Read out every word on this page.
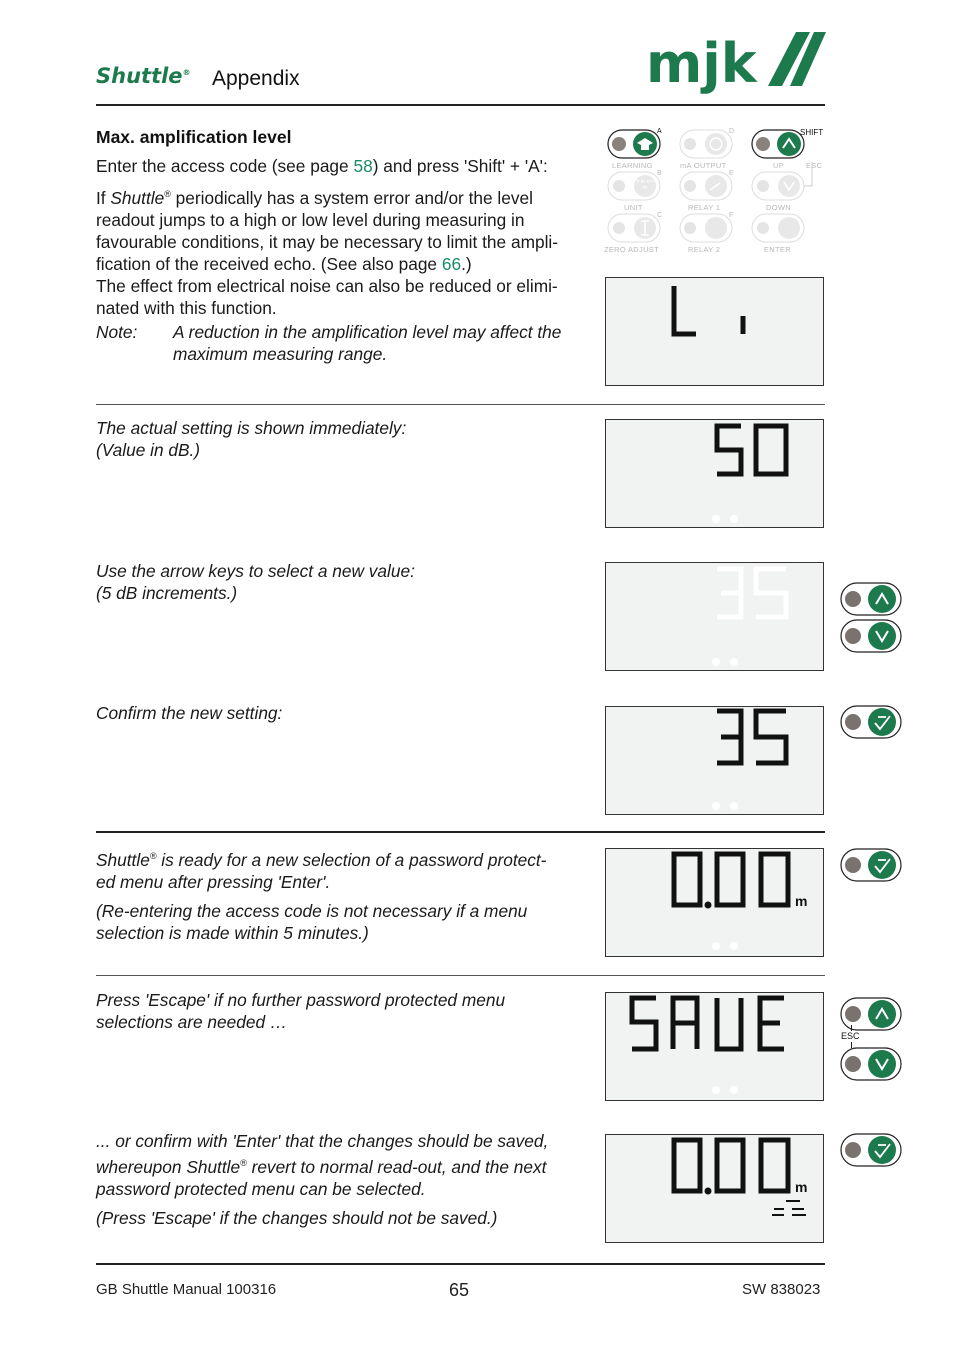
Shuttle® Appendix	mjk
Max. amplification level
Enter the access code (see page 58) and press 'Shift' + 'A':
If Shuttle® periodically has a system error and/or the level
readout jumps to a high or low level during measuring in
favourable conditions, it may be necessary to limit the ampli-
fication of the received echo. (See also page 66.)
The effect from electrical noise can also be reduced or elimi-
nated with this function.
Note: A reduction in the amplification level may affect the
maximum measuring range.
LEARNING	mA OUTPUT	UP	ESC
UNIT	RELAY 1	DOWN
ZERO ADJUST	RELAY 2	ENTER
SHIFT
A	D
B	E
C	F
ft in cm m
The actual setting is shown immediately:
(Value in dB.)
Use the arrow keys to select a new value:
(5 dB increments.)
Confirm the new setting:
Shuttle® is ready for a new selection of a password protect-
ed menu after pressing 'Enter'.
(Re-entering the access code is not necessary if a menu
selection is made within 5 minutes.)
m
Press 'Escape' if no further password protected menu
selections are needed …
ESC
... or confirm with 'Enter' that the changes should be saved,
whereupon Shuttle® revert to normal read-out, and the next
password protected menu can be selected.
(Press 'Escape' if the changes should not be saved.)
m
GB Shuttle Manual 100316	65	SW 838023
